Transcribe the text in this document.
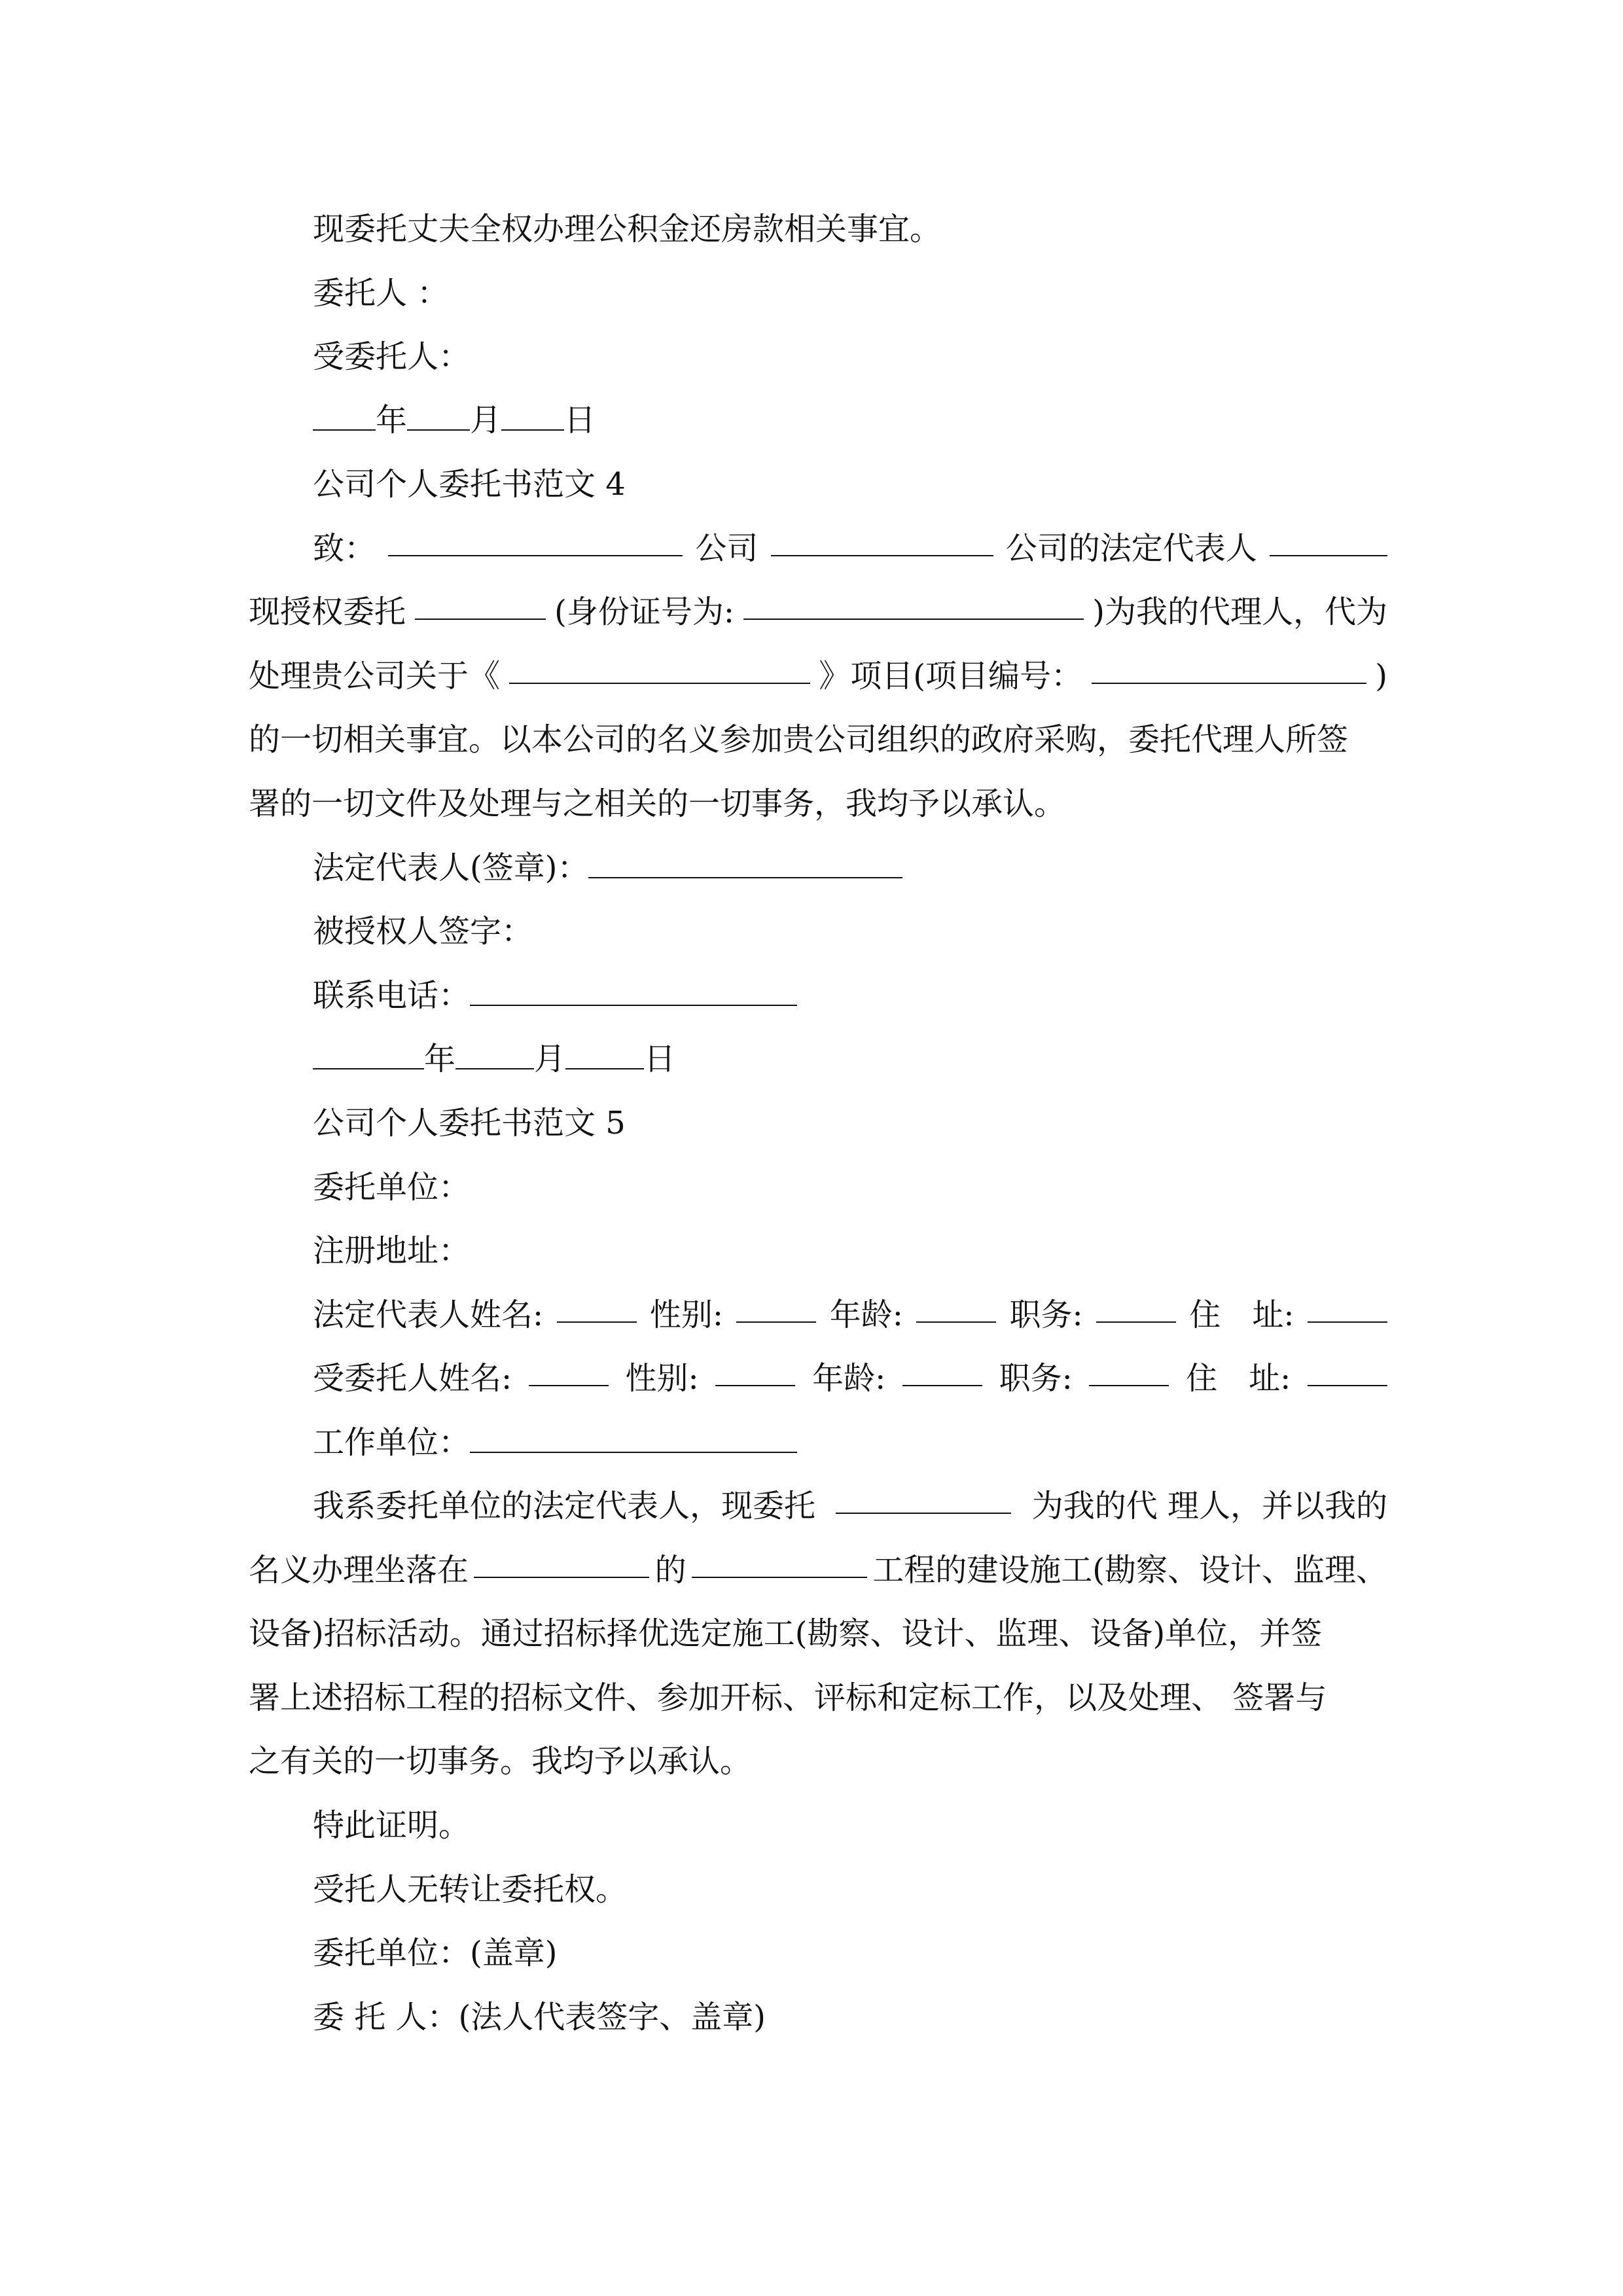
现委托丈夫全权办理公积金还房款相关事宜。
委托人 ：
受委托人：
年 月 日
公司个人委托书范文 4
致：	公司	公司的法定代表人
现授权委托	(身份证号为:	)为我的代理人，代为
处理贵公司关于《	》项目(项目编号：	)
的一切相关事宜。以本公司的名义参加贵公司组织的政府采购，委托代理人所签
署的一切文件及处理与之相关的一切事务，我均予以承认。
法定代表人(签章)：
被授权人签字：
联系电话：
年	月	日
公司个人委托书范文 5
委托单位：
注册地址：
法定代表人姓名:	性别:	年龄:	职务:	住　址:
受委托人姓名:	性别:	年龄:	职务:	住　址:
工作单位：
我系委托单位的法定代表人，现委托	为我的代 理人，并以我的
名义办理坐落在	的	工程的建设施工(勘察、设计、监理、
设备)招标活动。通过招标择优选定施工(勘察、设计、监理、设备)单位，并签
署上述招标工程的招标文件、参加开标、评标和定标工作，以及处理、 签署与
之有关的一切事务。我均予以承认。
特此证明。
受托人无转让委托权。
委托单位：(盖章)
委 托 人：(法人代表签字、盖章)
